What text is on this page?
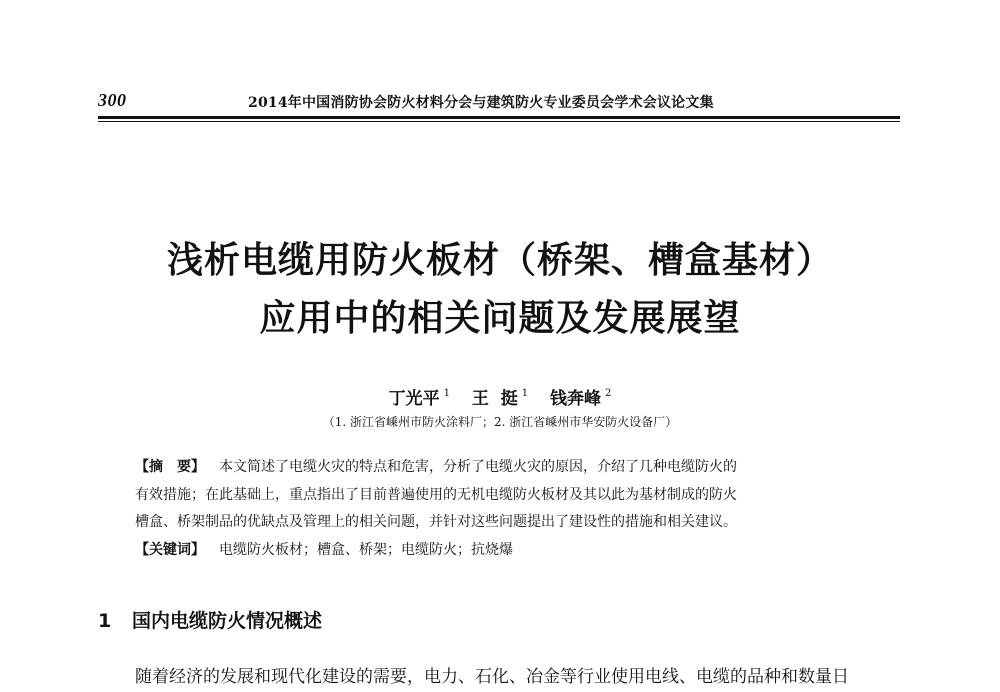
300	2014年中国消防协会防火材料分会与建筑防火专业委员会学术会议论文集
浅析电缆用防火板材（桥架、槽盒基材）
应用中的相关问题及发展展望
丁光平 $^1$ 王  挺 $^1$ 钱奔峰 $^2$
（1. 浙江省嵊州市防火涂料厂；2. 浙江省嵊州市华安防火设备厂）
【摘　要】 本文简述了电缆火灾的特点和危害，分析了电缆火灾的原因，介绍了几种电缆防火的
有效措施；在此基础上，重点指出了目前普遍使用的无机电缆防火板材及其以此为基材制成的防火
槽盒、桥架制品的优缺点及管理上的相关问题，并针对这些问题提出了建设性的措施和相关建议。
【关键词】 电缆防火板材；槽盒、桥架；电缆防火；抗烧爆
1 国内电缆防火情况概述
随着经济的发展和现代化建设的需要，电力、石化、冶金等行业使用电线、电缆的品种和数量日
